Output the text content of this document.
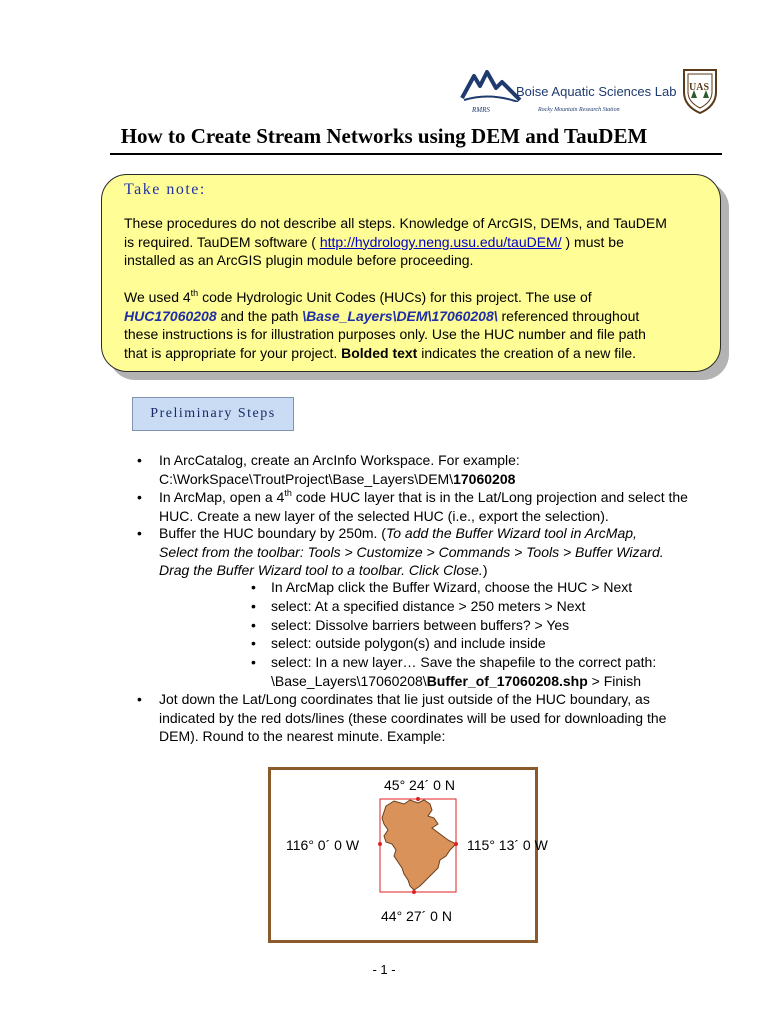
Boise Aquatic Sciences Lab
RMRS	Rocky Mountain Research Station
UAS
How to Create Stream Networks using DEM and TauDEM
Take note:
These procedures do not describe all steps. Knowledge of ArcGIS, DEMs, and TauDEM
is required. TauDEM software ( http://hydrology.neng.usu.edu/tauDEM/ ) must be
installed as an ArcGIS plugin module before proceeding.
We used 4th code Hydrologic Unit Codes (HUCs) for this project. The use of
HUC17060208 and the path \Base_Layers\DEM\17060208\ referenced throughout
these instructions is for illustration purposes only. Use the HUC number and file path
that is appropriate for your project. Bolded text indicates the creation of a new file.
Preliminary Steps
•	In ArcCatalog, create an ArcInfo Workspace. For example:
C:\WorkSpace\TroutProject\Base_Layers\DEM\17060208
•	In ArcMap, open a 4th code HUC layer that is in the Lat/Long projection and select the
HUC. Create a new layer of the selected HUC (i.e., export the selection).
•	Buffer the HUC boundary by 250m. (To add the Buffer Wizard tool in ArcMap,
Select from the toolbar: Tools > Customize > Commands > Tools > Buffer Wizard.
Drag the Buffer Wizard tool to a toolbar. Click Close.)
•	In ArcMap click the Buffer Wizard, choose the HUC > Next
•	select: At a specified distance > 250 meters > Next
•	select: Dissolve barriers between buffers? > Yes
•	select: outside polygon(s) and include inside
•	select: In a new layer… Save the shapefile to the correct path:
\Base_Layers\17060208\Buffer_of_17060208.shp > Finish
•	Jot down the Lat/Long coordinates that lie just outside of the HUC boundary, as
indicated by the red dots/lines (these coordinates will be used for downloading the
DEM). Round to the nearest minute. Example:
45° 24´ 0 N
116° 0´ 0 W	115° 13´ 0 W
44° 27´ 0 N
- 1 -
